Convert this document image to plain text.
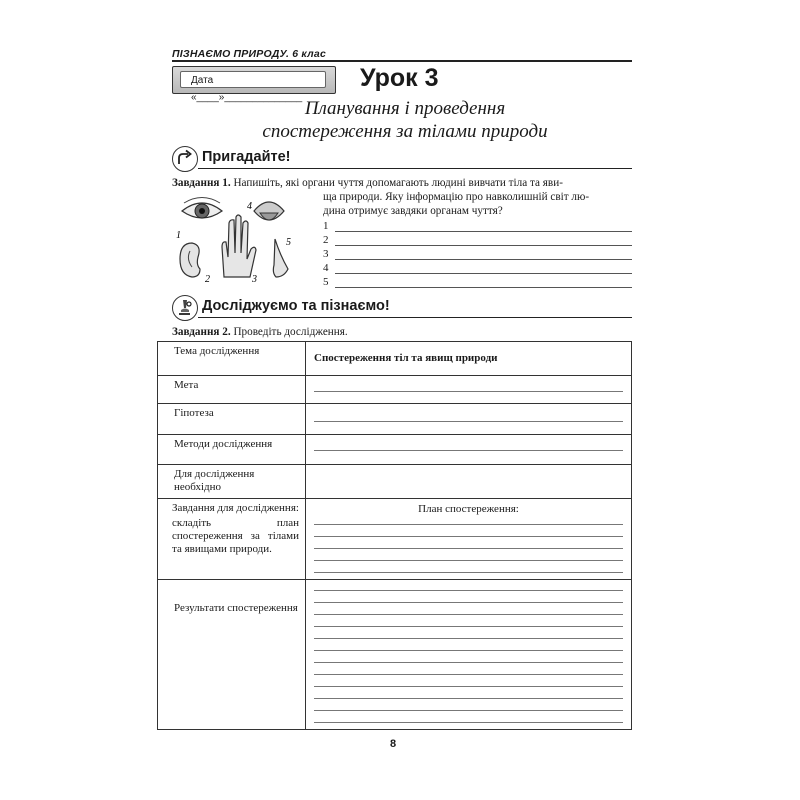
ПІЗНАЄМО ПРИРОДУ. 6 клас
Дата «____»______________
Урок 3
Планування і проведення
спостереження за тілами природи
Пригадайте!
Завдання 1. Напишіть, які органи чуття допомагають людині вивчати тіла та яви-
ща природи. Яку інформацію про навколишній світ лю-
дина отримує завдяки органам чуття?
1
2	3
4
5
1
2
3
4
5
Досліджуємо та пізнаємо!
Завдання 2. Проведіть дослідження.
Тема дослідження	Спостереження тіл та явищ природи

Мета	

Гіпотеза	

Методи дослідження	

Для дослідження необхідно	

Завдання для дослідження:
складіть план спостереження за тілами та явищами природи.	План спостереження:

Результати спостереження	
8
